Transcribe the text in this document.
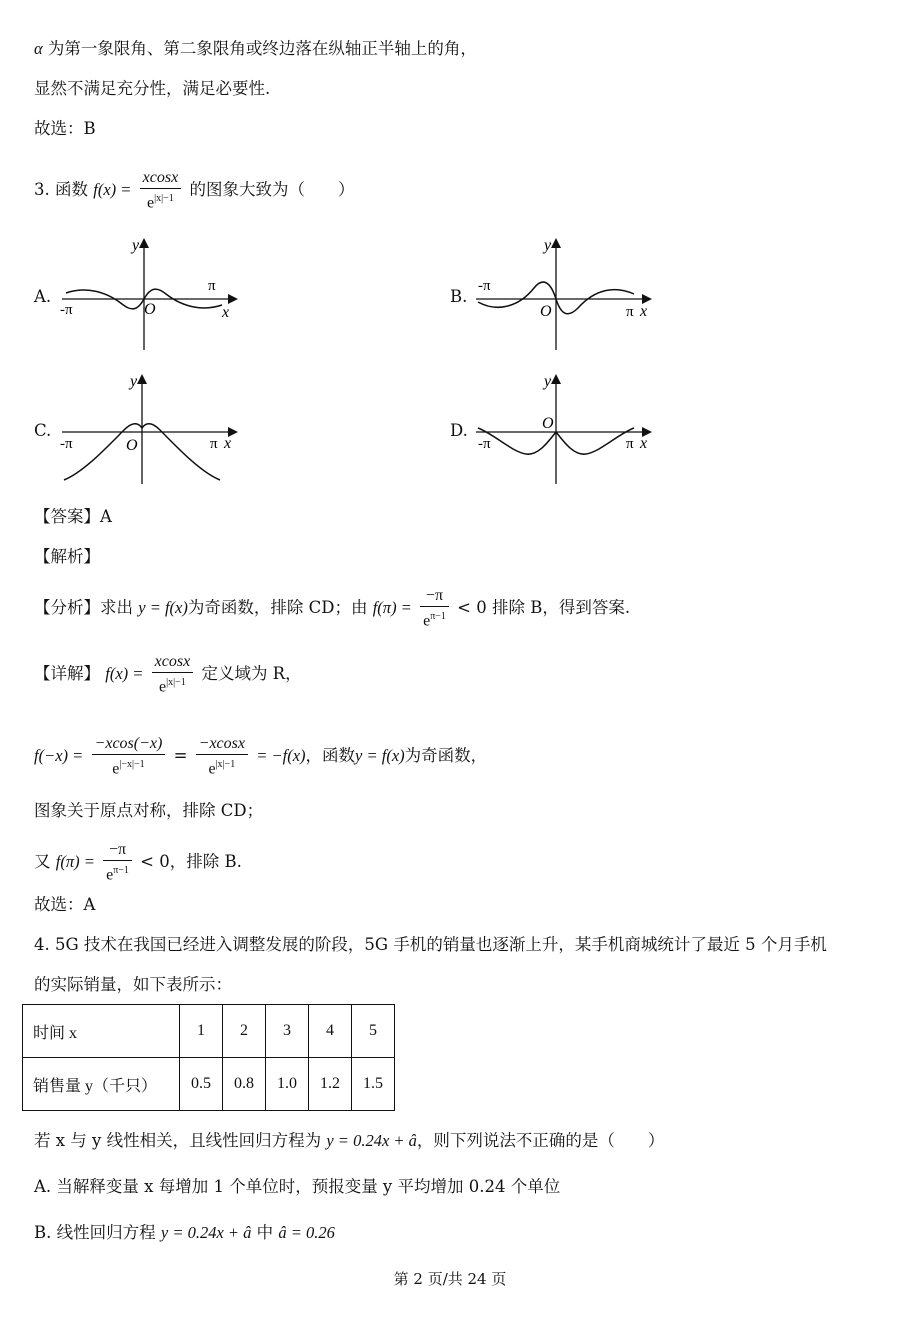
α 为第一象限角、第二象限角或终边落在纵轴正半轴上的角，
显然不满足充分性，满足必要性.
故选：B
3. 函数 $f(x) = \frac{xcosx}{e^{|x|-1}}$ 的图象大致为（　　）
A.
y
O	x
-π
π
B.
y
O	x
-π
π
C.
y
O	x
-π	π
D.
y
O
x
-π	π
【答案】A
【解析】
【分析】求出 y = f(x)为奇函数，排除 CD；由 $f(\pi) = \frac{-\pi}{e^{\pi-1}} < 0$ 排除 B，得到答案.
【详解】 $f(x) = \frac{xcosx}{e^{|x|-1}}$ 定义域为 R，
$f(-x) = \frac{-xcos(-x)}{e^{|-x|-1}} = \frac{-xcosx}{e^{|x|-1}} = -f(x)$，函数y = f(x)为奇函数，
图象关于原点对称，排除 CD；
又 $f(\pi) = \frac{-\pi}{e^{\pi-1}} < 0$，排除 B.
故选：A
4. 5G 技术在我国已经进入调整发展的阶段，5G 手机的销量也逐渐上升，某手机商城统计了最近 5 个月手机
的实际销量，如下表所示：
时间 x	1	2	3	4	5
销售量 y（千只）	0.5	0.8	1.0	1.2	1.5
若 x 与 y 线性相关，且线性回归方程为 y = 0.24x + â，则下列说法不正确的是（　　）
A. 当解释变量 x 每增加 1 个单位时，预报变量 y 平均增加 0.24 个单位
B. 线性回归方程 y = 0.24x + â 中 â = 0.26
第 2 页/共 24 页
